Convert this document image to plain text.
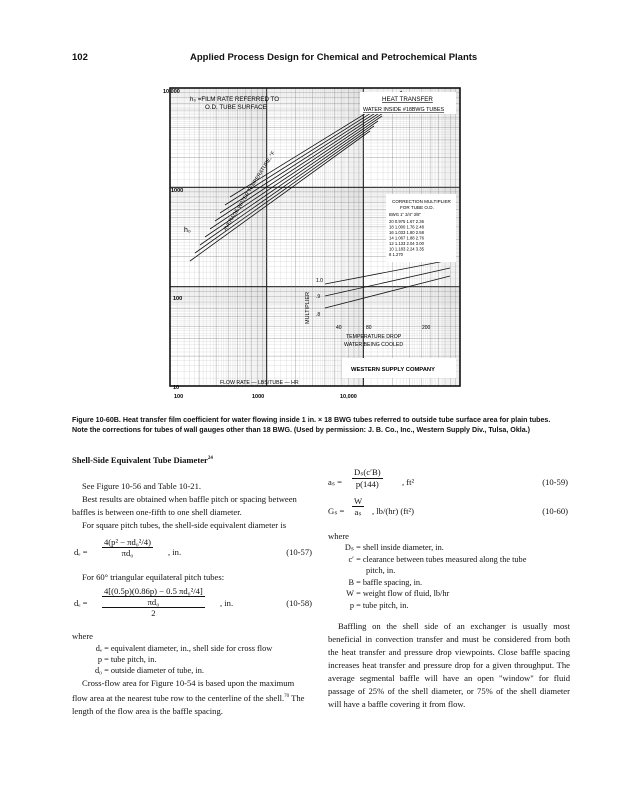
102	Applied Process Design for Chemical and Petrochemical Plants
h₀ =FILM RATE REFERRED TO
O.D. TUBE SURFACE
HEAT TRANSFER
WATER INSIDE #18BWG TUBES
CORRECTION MULTIPLIER
FOR TUBE O.D.
BWG 1" 3/4" 3/8"
20 0.975 1.67 2.36
18 1.000 1.76 2.48
16 1.033 1.80 2.58
14 1.067 1.88 2.76
12 1.133 2.04 3.00
10 1.183 2.24 3.35
8 1.270
10,000
1000
100
10
100	1000	10,000
h₀	AVERAGE WATER TEMPERATURE, °F
MULTIPLIER
1.0
.9
.8
40	80	200
TEMPERATURE DROP
WATER BEING COOLED
WESTERN SUPPLY COMPANY
FLOW RATE — LBS/TUBE — HR
Figure 10-60B. Heat transfer film coefficient for water flowing inside 1 in. × 18 BWG tubes referred to outside tube surface area for plain tubes.
Note the corrections for tubes of wall gauges other than 18 BWG. (Used by permission: J. B. Co., Inc., Western Supply Div., Tulsa, Okla.)

Shell-Side Equivalent Tube Diameter$^{24}$

See Figure 10-56 and Table 10-21.

Best results are obtained when baffle pitch or spacing between baffles is between one-fifth to one shell diameter.

For square pitch tubes, the shell-side equivalent diameter is

$d_e = \frac{\text{4(p² − πd₀²/4)}}{\text{πd₀}}$ , in.	(10-57)

For 60° triangular equilateral pitch tubes:

dₑ =
4[(0.5p)(0.86p) − 0.5 πd₀²/4]
πd₀
2
, in.	(10-58)

where

dₑ = equivalent diameter, in., shell side for cross flow
p = tube pitch, in.
d₀ = outside diameter of tube, in.

Cross-flow area for Figure 10-54 is based upon the maximum flow area at the nearest tube row to the centerline of the shell.$^{70}$ The length of the flow area is the baffle spacing.

$a_s = \frac{\text{Dₛ(c′B)}}{p(144)}$ , ft²	(10-59)
$G_s = \frac{W}{\text{aₛ}}$ , lb/(hr) (ft²)	(10-60)

where

Dₛ = shell inside diameter, in.
c′ = clearance between tubes measured along the tube
pitch, in.
B = baffle spacing, in.
W = weight flow of fluid, lb/hr
p = tube pitch, in.

Baffling on the shell side of an exchanger is usually most beneficial in convection transfer and must be considered from both the heat transfer and pressure drop viewpoints. Close baffle spacing increases heat transfer and pressure drop for a given throughput. The average segmental baffle will have an open "window" for fluid passage of 25% of the shell diameter, or 75% of the shell diameter will have a baffle covering it from flow.
